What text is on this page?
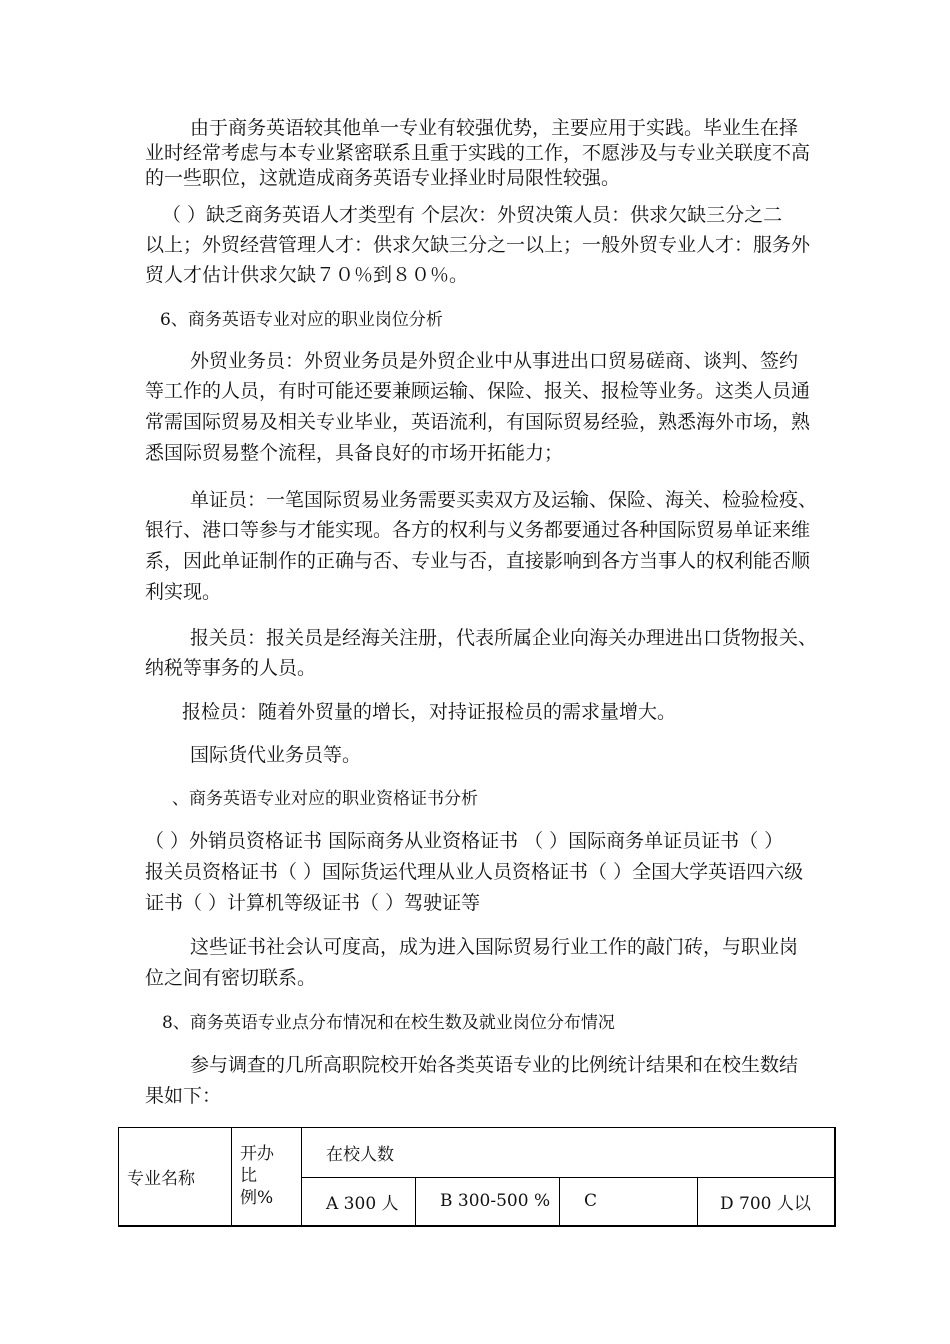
由于商务英语较其他单一专业有较强优势，主要应用于实践。毕业生在择
业时经常考虑与本专业紧密联系且重于实践的工作，不愿涉及与专业关联度不高
的一些职位，这就造成商务英语专业择业时局限性较强。
（ ）缺乏商务英语人才类型有 个层次：外贸决策人员：供求欠缺三分之二
以上；外贸经营管理人才：供求欠缺三分之一以上；一般外贸专业人才：服务外
贸人才估计供求欠缺７０％到８０％。
6、商务英语专业对应的职业岗位分析
外贸业务员：外贸业务员是外贸企业中从事进出口贸易磋商、谈判、签约
等工作的人员，有时可能还要兼顾运输、保险、报关、报检等业务。这类人员通
常需国际贸易及相关专业毕业，英语流利，有国际贸易经验，熟悉海外市场，熟
悉国际贸易整个流程，具备良好的市场开拓能力；
单证员：一笔国际贸易业务需要买卖双方及运输、保险、海关、检验检疫、
银行、港口等参与才能实现。各方的权利与义务都要通过各种国际贸易单证来维
系，因此单证制作的正确与否、专业与否，直接影响到各方当事人的权利能否顺
利实现。
报关员：报关员是经海关注册，代表所属企业向海关办理进出口货物报关、
纳税等事务的人员。
报检员：随着外贸量的增长，对持证报检员的需求量增大。
国际货代业务员等。
、商务英语专业对应的职业资格证书分析
（ ）外销员资格证书 国际商务从业资格证书 （ ）国际商务单证员证书（ ）
报关员资格证书（ ）国际货运代理从业人员资格证书（ ）全国大学英语四六级
证书（ ）计算机等级证书（ ）驾驶证等
这些证书社会认可度高，成为进入国际贸易行业工作的敲门砖，与职业岗
位之间有密切联系。
8、商务英语专业点分布情况和在校生数及就业岗位分布情况
参与调查的几所高职院校开始各类英语专业的比例统计结果和在校生数结
果如下：
专业名称	开办
比
例%	在校人数			
		A 300 人	B 300-500 %	C	D 700 人以
